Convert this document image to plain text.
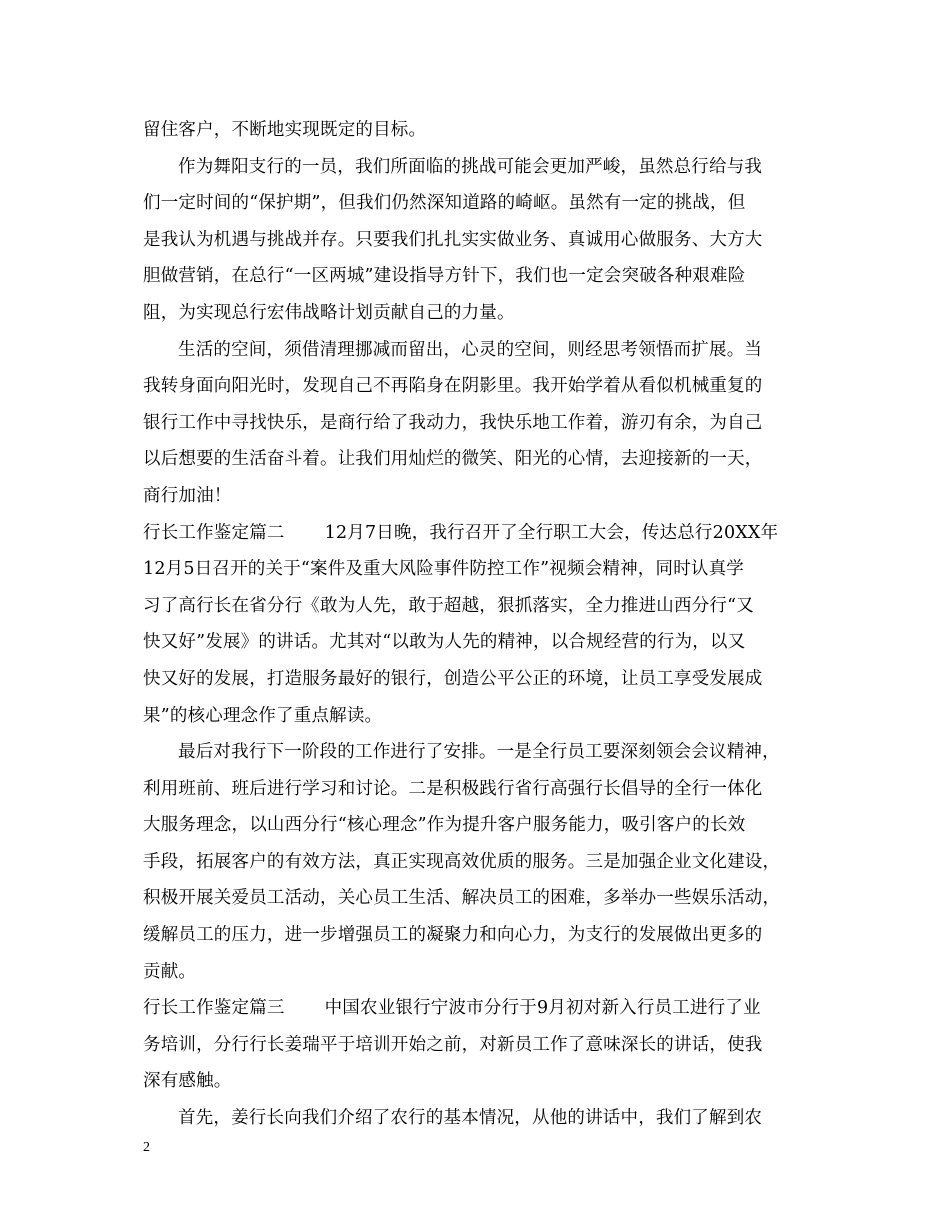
留住客户，不断地实现既定的目标。
作为舞阳支行的一员，我们所面临的挑战可能会更加严峻，虽然总行给与我
们一定时间的“保护期”，但我们仍然深知道路的崎岖。虽然有一定的挑战，但
是我认为机遇与挑战并存。只要我们扎扎实实做业务、真诚用心做服务、大方大
胆做营销，在总行“一区两城”建设指导方针下，我们也一定会突破各种艰难险
阻，为实现总行宏伟战略计划贡献自己的力量。
生活的空间，须借清理挪减而留出，心灵的空间，则经思考领悟而扩展。当
我转身面向阳光时，发现自己不再陷身在阴影里。我开始学着从看似机械重复的
银行工作中寻找快乐，是商行给了我动力，我快乐地工作着，游刃有余，为自己
以后想要的生活奋斗着。让我们用灿烂的微笑、阳光的心情，去迎接新的一天，
商行加油！
行长工作鉴定篇二 12月7日晚，我行召开了全行职工大会，传达总行20XX年
12月5日召开的关于“案件及重大风险事件防控工作”视频会精神，同时认真学
习了高行长在省分行《敢为人先，敢于超越，狠抓落实，全力推进山西分行“又
快又好”发展》的讲话。尤其对“以敢为人先的精神，以合规经营的行为，以又
快又好的发展，打造服务最好的银行，创造公平公正的环境，让员工享受发展成
果”的核心理念作了重点解读。
最后对我行下一阶段的工作进行了安排。一是全行员工要深刻领会会议精神，
利用班前、班后进行学习和讨论。二是积极践行省行高强行长倡导的全行一体化
大服务理念，以山西分行“核心理念”作为提升客户服务能力，吸引客户的长效
手段，拓展客户的有效方法，真正实现高效优质的服务。三是加强企业文化建设，
积极开展关爱员工活动，关心员工生活、解决员工的困难，多举办一些娱乐活动，
缓解员工的压力，进一步增强员工的凝聚力和向心力，为支行的发展做出更多的
贡献。
行长工作鉴定篇三 中国农业银行宁波市分行于9月初对新入行员工进行了业
务培训，分行行长姜瑞平于培训开始之前，对新员工作了意味深长的讲话，使我
深有感触。
首先，姜行长向我们介绍了农行的基本情况，从他的讲话中，我们了解到农
2
